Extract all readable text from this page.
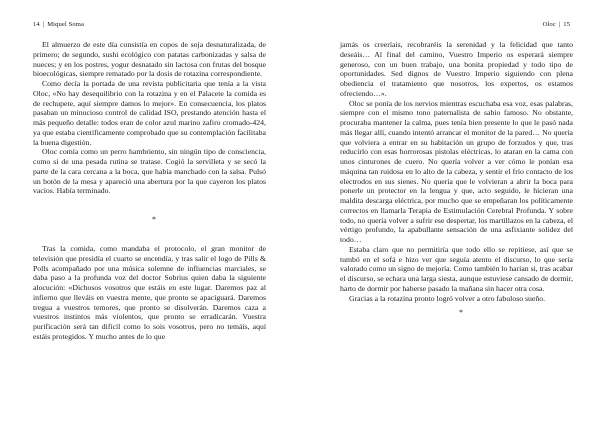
14 | Miquel Soma

El almuerzo de este día consistía en copos de soja desnaturalizada, de primero; de segundo, sushi ecológico con patatas carbonizadas y salsa de nueces; y en los postres, yogur desnatado sin lactosa con frutas del bosque bioecológicas, siempre rematado por la dosis de rotazina correspondiente.

Como decía la portada de una revista publicitaria que tenía a la vista Oloc, «No hay desequilibrio con la rotazina y en el Palacete la comida es de rechupete, aquí siempre damos lo mejor». En consecuencia, los platos pasaban un minucioso control de calidad ISO, prestando atención hasta el más pequeño detalle: todos eran de color azul marino zafiro cromado-424, ya que estaba científicamente comprobado que su contemplación facilitaba la buena digestión.

Oloc comía como un perro hambriento, sin ningún tipo de consciencia, como si de una pesada rutina se tratase. Cogió la servilleta y se secó la parte de la cara cercana a la boca, que había manchado con la salsa. Pulsó un botón de la mesa y apareció una abertura por la que cayeron los platos vacíos. Había terminado.

*

Tras la comida, como mandaba el protocolo, el gran monitor de televisión que presidía el cuarto se encendía, y tras salir el logo de Pills & Polls acompañado por una música solemne de influencias marciales, se daba paso a la profunda voz del doctor Sobrius quien daba la siguiente alocución: «Dichosos vosotros que estáis en este lugar. Daremos paz al infierno que lleváis en vuestra mente, que pronto se apaciguará. Daremos tregua a vuestros temores, que pronto se disolverán. Daremos caza a vuestros instintos más violentos, que pronto se erradicarán. Vuestra purificación será tan difícil como lo sois vosotros, pero no temáis, aquí estáis protegidos. Y mucho antes de lo que

Oloc | 15

jamás os creeríais, recobraréis la serenidad y la felicidad que tanto deseáis… Al final del camino, Vuestro Imperio os esperará siempre generoso, con un buen trabajo, una bonita propiedad y todo tipo de oportunidades. Sed dignos de Vuestro Imperio siguiendo con plena obediencia el tratamiento que nosotros, los expertos, os estamos ofreciendo…».

Oloc se ponía de los nervios mientras escuchaba esa voz, esas palabras, siempre con el mismo tono paternalista de sabio famoso. No obstante, procuraba mantener la calma, pues tenía bien presente lo que le pasó nada más llegar allí, cuando intentó arrancar el monitor de la pared… No quería que volviera a entrar en su habitación un grupo de forzudos y que, tras reducirlo con esas horrorosas pistolas eléctricas, lo ataran en la cama con unos cinturones de cuero. No quería volver a ver cómo le ponían esa máquina tan ruidosa en lo alto de la cabeza, y sentir el frío contacto de los electrodos en sus sienes. No quería que le volvieran a abrir la boca para ponerle un protector en la lengua y que, acto seguido, le hicieran una maldita descarga eléctrica, por mucho que se empeñaran los políticamente correctos en llamarla Terapia de Estimulación Cerebral Profunda. Y sobre todo, no quería volver a sufrir ese despertar, los martillazos en la cabeza, el vértigo profundo, la apabullante sensación de una asfixiante solidez del todo…

Estaba claro que no permitiría que todo ello se repitiese, así que se tumbó en el sofá e hizo ver que seguía atento el discurso, lo que sería valorado como un signo de mejoría. Como también lo harían si, tras acabar el discurso, se echara una larga siesta, aunque estuviese cansado de dormir, harto de dormir por haberse pasado la mañana sin hacer otra cosa.

Gracias a la rotazina pronto logró volver a otro fabuloso sueño.

*
